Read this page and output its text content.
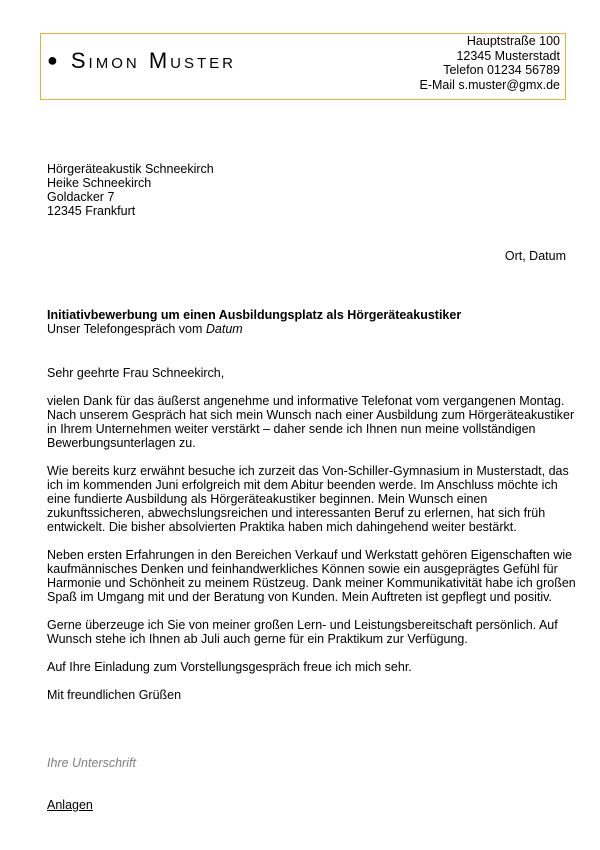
● Simon Muster
Hauptstraße 100
12345 Musterstadt
Telefon 01234 56789
E-Mail s.muster@gmx.de
Hörgeräteakustik Schneekirch
Heike Schneekirch
Goldacker 7
12345 Frankfurt
Ort, Datum
Initiativbewerbung um einen Ausbildungsplatz als Hörgeräteakustiker
Unser Telefongespräch vom Datum
Sehr geehrte Frau Schneekirch,

vielen Dank für das äußerst angenehme und informative Telefonat vom vergangenen Montag. Nach unserem Gespräch hat sich mein Wunsch nach einer Ausbildung zum Hörgeräteakustiker in Ihrem Unternehmen weiter verstärkt – daher sende ich Ihnen nun meine vollständigen Bewerbungsunterlagen zu.

Wie bereits kurz erwähnt besuche ich zurzeit das Von-Schiller-Gymnasium in Musterstadt, das ich im kommenden Juni erfolgreich mit dem Abitur beenden werde. Im Anschluss möchte ich eine fundierte Ausbildung als Hörgeräteakustiker beginnen. Mein Wunsch einen zukunftssicheren, abwechslungsreichen und interessanten Beruf zu erlernen, hat sich früh entwickelt. Die bisher absolvierten Praktika haben mich dahingehend weiter bestärkt.

Neben ersten Erfahrungen in den Bereichen Verkauf und Werkstatt gehören Eigenschaften wie kaufmännisches Denken und feinhandwerkliches Können sowie ein ausgeprägtes Gefühl für Harmonie und Schönheit zu meinem Rüstzeug. Dank meiner Kommunikativität habe ich großen Spaß im Umgang mit und der Beratung von Kunden. Mein Auftreten ist gepflegt und positiv.

Gerne überzeuge ich Sie von meiner großen Lern- und Leistungsbereitschaft persönlich. Auf Wunsch stehe ich Ihnen ab Juli auch gerne für ein Praktikum zur Verfügung.

Auf Ihre Einladung zum Vorstellungsgespräch freue ich mich sehr.

Mit freundlichen Grüßen

Ihre Unterschrift
Anlagen
